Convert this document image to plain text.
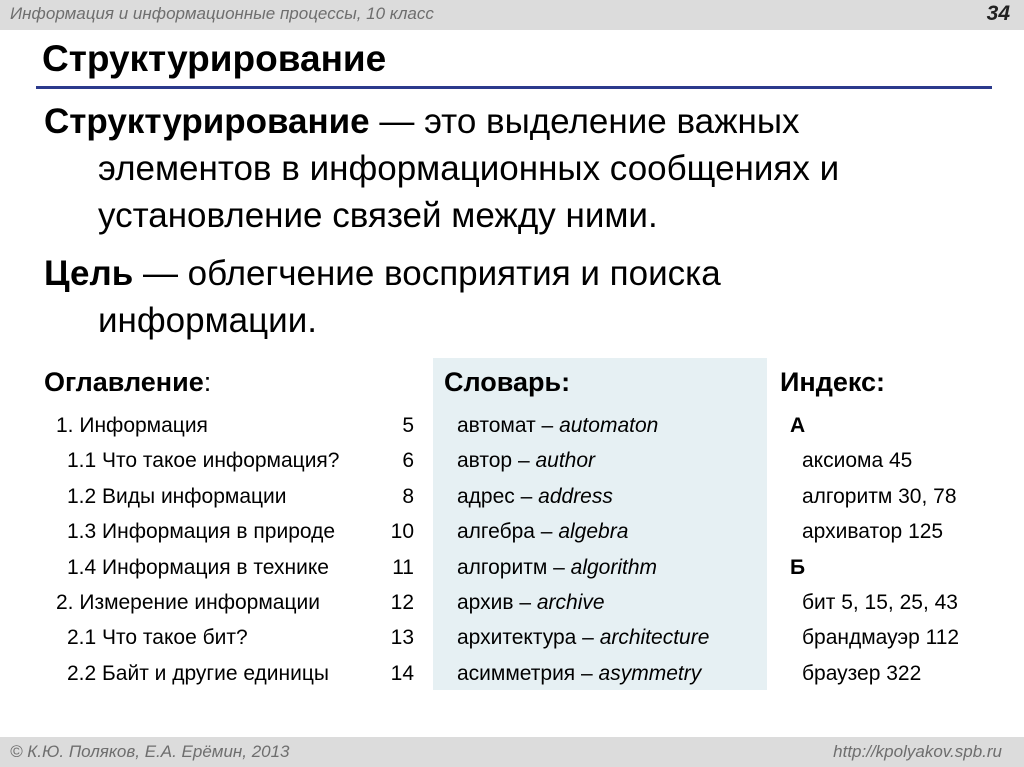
Информация и информационные процессы, 10 класс	34
Структурирование
Структурирование — это выделение важных
элементов в информационных сообщениях и
установление связей между ними.
Цель — облегчение восприятия и поиска
информации.
Оглавление:
1. Информация	5
1.1 Что такое информация?	6
1.2 Виды информации	8
1.3 Информация в природе	10
1.4 Информация в технике	11
2. Измерение информации	12
2.1 Что такое бит?	13
2.2 Байт и другие единицы	14
Словарь:
автомат – automaton
автор – author
адрес – address
алгебра – algebra
алгоритм – algorithm
архив – archive
архитектура – architecture
асимметрия – asymmetry
Индекс:
А
аксиома 45
алгоритм 30, 78
архиватор 125
Б
бит 5, 15, 25, 43
брандмауэр 112
браузер 322
© К.Ю. Поляков, Е.А. Ерёмин, 2013	http://kpolyakov.spb.ru
